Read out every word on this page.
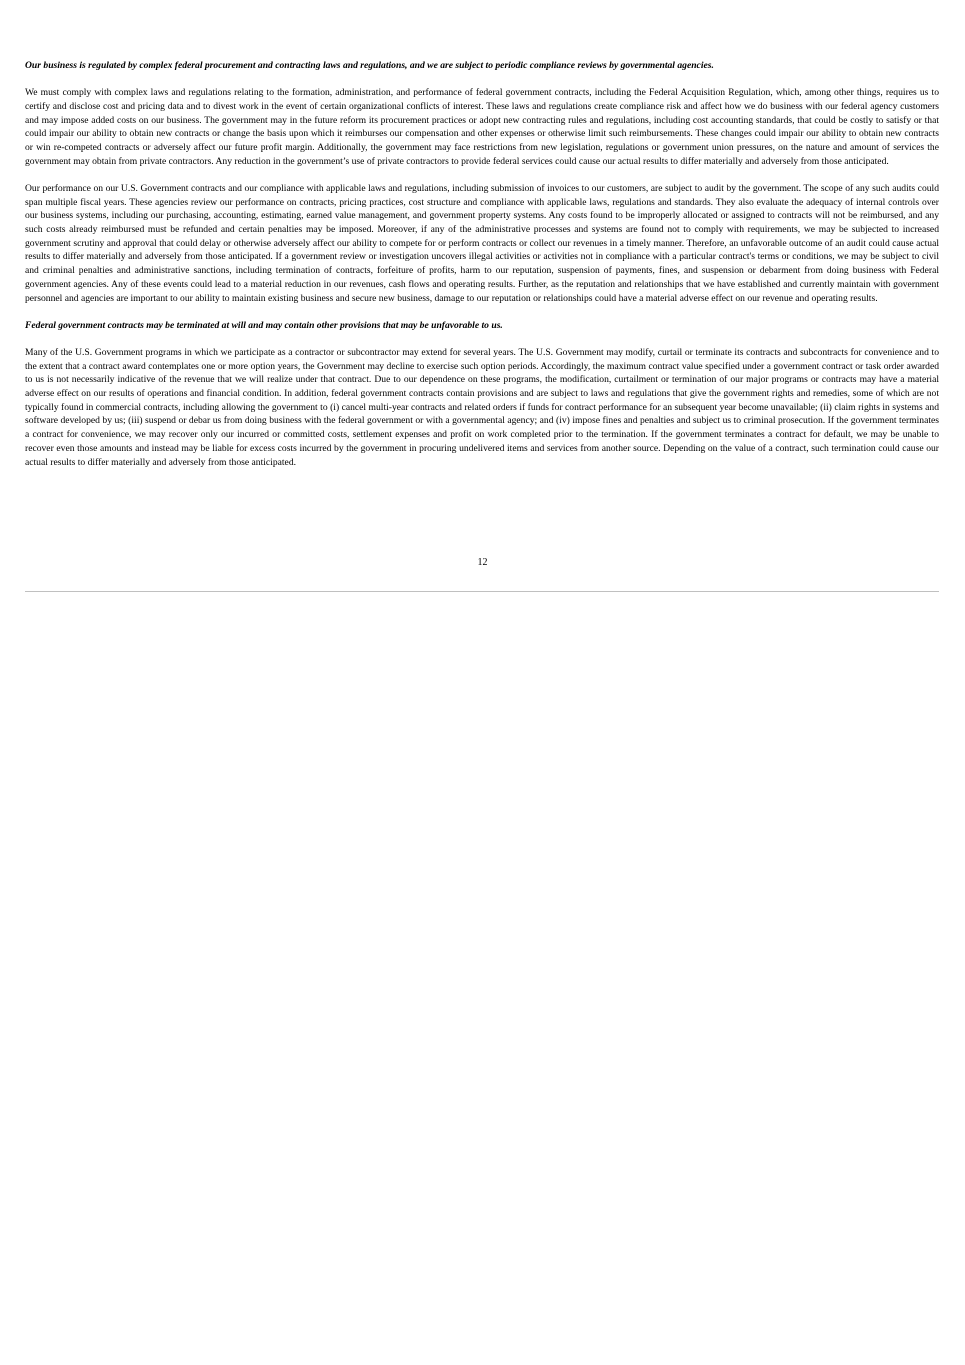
Our business is regulated by complex federal procurement and contracting laws and regulations, and we are subject to periodic compliance reviews by governmental agencies.

We must comply with complex laws and regulations relating to the formation, administration, and performance of federal government contracts, including the Federal Acquisition Regulation, which, among other things, requires us to certify and disclose cost and pricing data and to divest work in the event of certain organizational conflicts of interest. These laws and regulations create compliance risk and affect how we do business with our federal agency customers and may impose added costs on our business. The government may in the future reform its procurement practices or adopt new contracting rules and regulations, including cost accounting standards, that could be costly to satisfy or that could impair our ability to obtain new contracts or change the basis upon which it reimburses our compensation and other expenses or otherwise limit such reimbursements. These changes could impair our ability to obtain new contracts or win re-competed contracts or adversely affect our future profit margin. Additionally, the government may face restrictions from new legislation, regulations or government union pressures, on the nature and amount of services the government may obtain from private contractors. Any reduction in the government’s use of private contractors to provide federal services could cause our actual results to differ materially and adversely from those anticipated.

Our performance on our U.S. Government contracts and our compliance with applicable laws and regulations, including submission of invoices to our customers, are subject to audit by the government. The scope of any such audits could span multiple fiscal years. These agencies review our performance on contracts, pricing practices, cost structure and compliance with applicable laws, regulations and standards. They also evaluate the adequacy of internal controls over our business systems, including our purchasing, accounting, estimating, earned value management, and government property systems. Any costs found to be improperly allocated or assigned to contracts will not be reimbursed, and any such costs already reimbursed must be refunded and certain penalties may be imposed. Moreover, if any of the administrative processes and systems are found not to comply with requirements, we may be subjected to increased government scrutiny and approval that could delay or otherwise adversely affect our ability to compete for or perform contracts or collect our revenues in a timely manner. Therefore, an unfavorable outcome of an audit could cause actual results to differ materially and adversely from those anticipated. If a government review or investigation uncovers illegal activities or activities not in compliance with a particular contract's terms or conditions, we may be subject to civil and criminal penalties and administrative sanctions, including termination of contracts, forfeiture of profits, harm to our reputation, suspension of payments, fines, and suspension or debarment from doing business with Federal government agencies. Any of these events could lead to a material reduction in our revenues, cash flows and operating results. Further, as the reputation and relationships that we have established and currently maintain with government personnel and agencies are important to our ability to maintain existing business and secure new business, damage to our reputation or relationships could have a material adverse effect on our revenue and operating results.

Federal government contracts may be terminated at will and may contain other provisions that may be unfavorable to us.

Many of the U.S. Government programs in which we participate as a contractor or subcontractor may extend for several years. The U.S. Government may modify, curtail or terminate its contracts and subcontracts for convenience and to the extent that a contract award contemplates one or more option years, the Government may decline to exercise such option periods. Accordingly, the maximum contract value specified under a government contract or task order awarded to us is not necessarily indicative of the revenue that we will realize under that contract. Due to our dependence on these programs, the modification, curtailment or termination of our major programs or contracts may have a material adverse effect on our results of operations and financial condition. In addition, federal government contracts contain provisions and are subject to laws and regulations that give the government rights and remedies, some of which are not typically found in commercial contracts, including allowing the government to (i) cancel multi-year contracts and related orders if funds for contract performance for an subsequent year become unavailable; (ii) claim rights in systems and software developed by us; (iii) suspend or debar us from doing business with the federal government or with a governmental agency; and (iv) impose fines and penalties and subject us to criminal prosecution. If the government terminates a contract for convenience, we may recover only our incurred or committed costs, settlement expenses and profit on work completed prior to the termination. If the government terminates a contract for default, we may be unable to recover even those amounts and instead may be liable for excess costs incurred by the government in procuring undelivered items and services from another source. Depending on the value of a contract, such termination could cause our actual results to differ materially and adversely from those anticipated.

12
